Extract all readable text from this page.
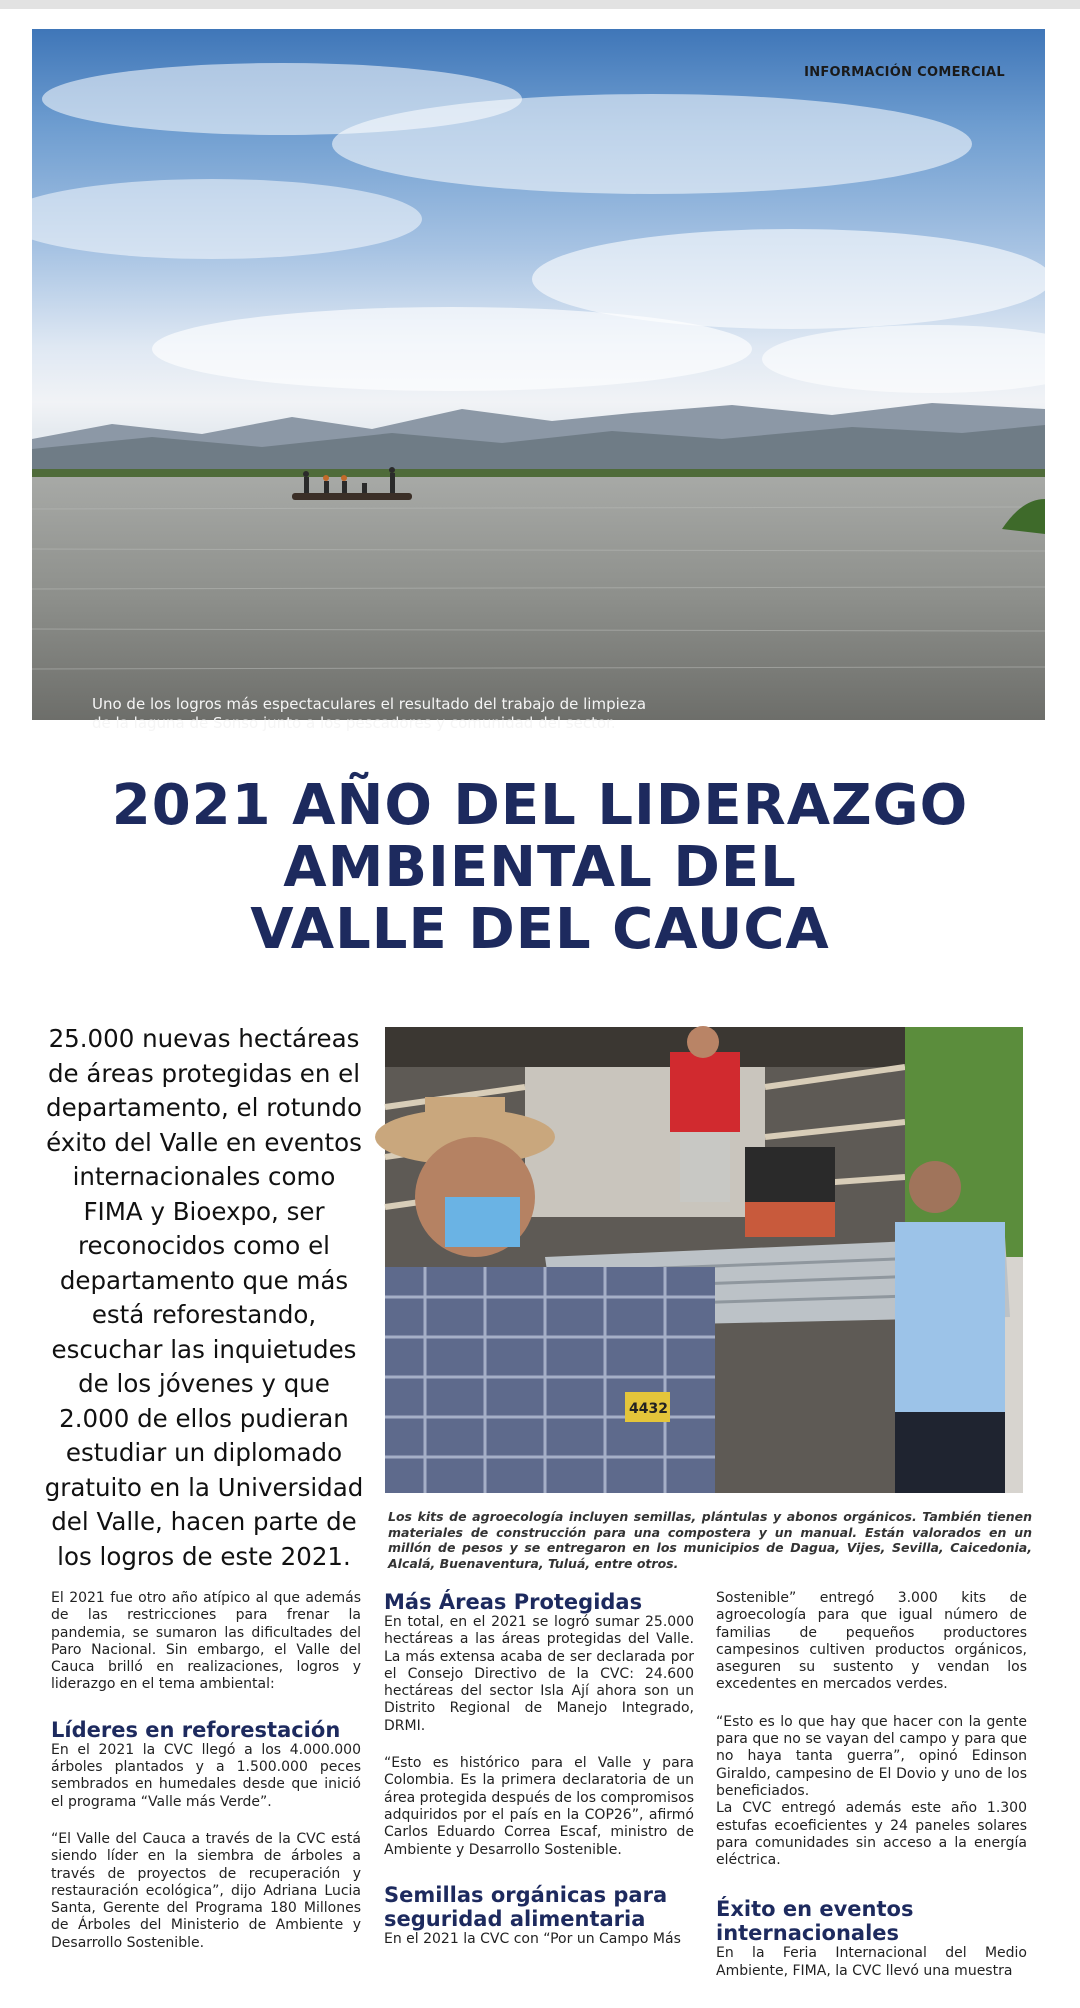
INFORMACIÓN COMERCIAL
Uno de los logros más espectaculares el resultado del trabajo de limpieza
de la laguna de Sonso junto a los pescadores y comunidad del sector.
2021 AÑO DEL LIDERAZGO
AMBIENTAL DEL
VALLE DEL CAUCA
25.000 nuevas hectáreas de áreas protegidas en el departamento, el rotundo éxito del Valle en eventos internacionales como FIMA y Bioexpo, ser reconocidos como el departamento que más está reforestando, escuchar las inquietudes de los jóvenes y que 2.000 de ellos pudieran estudiar un diplomado gratuito en la Universidad del Valle, hacen parte de los logros de este 2021.
4432
Los kits de agroecología incluyen semillas, plántulas y abonos orgánicos. También tienen materiales de construcción para una compostera y un manual. Están valorados en un millón de pesos y se entregaron en los municipios de Dagua, Vijes, Sevilla, Caicedonia, Alcalá, Buenaventura, Tuluá, entre otros.

El 2021 fue otro año atípico al que además de las restricciones para frenar la pandemia, se sumaron las dificultades del Paro Nacional. Sin embargo, el Valle del Cauca brilló en realizaciones, logros y liderazgo en el tema ambiental:

Líderes en reforestación

En el 2021 la CVC llegó a los 4.000.000 árboles plantados y a 1.500.000 peces sembrados en humedales desde que inició el programa “Valle más Verde”.

“El Valle del Cauca a través de la CVC está siendo líder en la siembra de árboles a través de proyectos de recuperación y restauración ecológica”, dijo Adriana Lucia Santa, Gerente del Programa 180 Millones de Árboles del Ministerio de Ambiente y Desarrollo Sostenible.

Más Áreas Protegidas

En total, en el 2021 se logró sumar 25.000 hectáreas a las áreas protegidas del Valle. La más extensa acaba de ser declarada por el Consejo Directivo de la CVC: 24.600 hectáreas del sector Isla Ají ahora son un Distrito Regional de Manejo Integrado, DRMI.

“Esto es histórico para el Valle y para Colombia. Es la primera declaratoria de un área protegida después de los compromisos adquiridos por el país en la COP26”, afirmó Carlos Eduardo Correa Escaf, ministro de Ambiente y Desarrollo Sostenible.

Semillas orgánicas para seguridad alimentaria

En el 2021 la CVC con “Por un Campo Más

Sostenible” entregó 3.000 kits de agroecología para que igual número de familias de pequeños productores campesinos cultiven productos orgánicos, aseguren su sustento y vendan los excedentes en mercados verdes.

“Esto es lo que hay que hacer con la gente para que no se vayan del campo y para que no haya tanta guerra”, opinó Edinson Giraldo, campesino de El Dovio y uno de los beneficiados.

La CVC entregó además este año 1.300 estufas ecoeficientes y 24 paneles solares para comunidades sin acceso a la energía eléctrica.

Éxito en eventos internacionales

En la Feria Internacional del Medio Ambiente, FIMA, la CVC llevó una muestra
